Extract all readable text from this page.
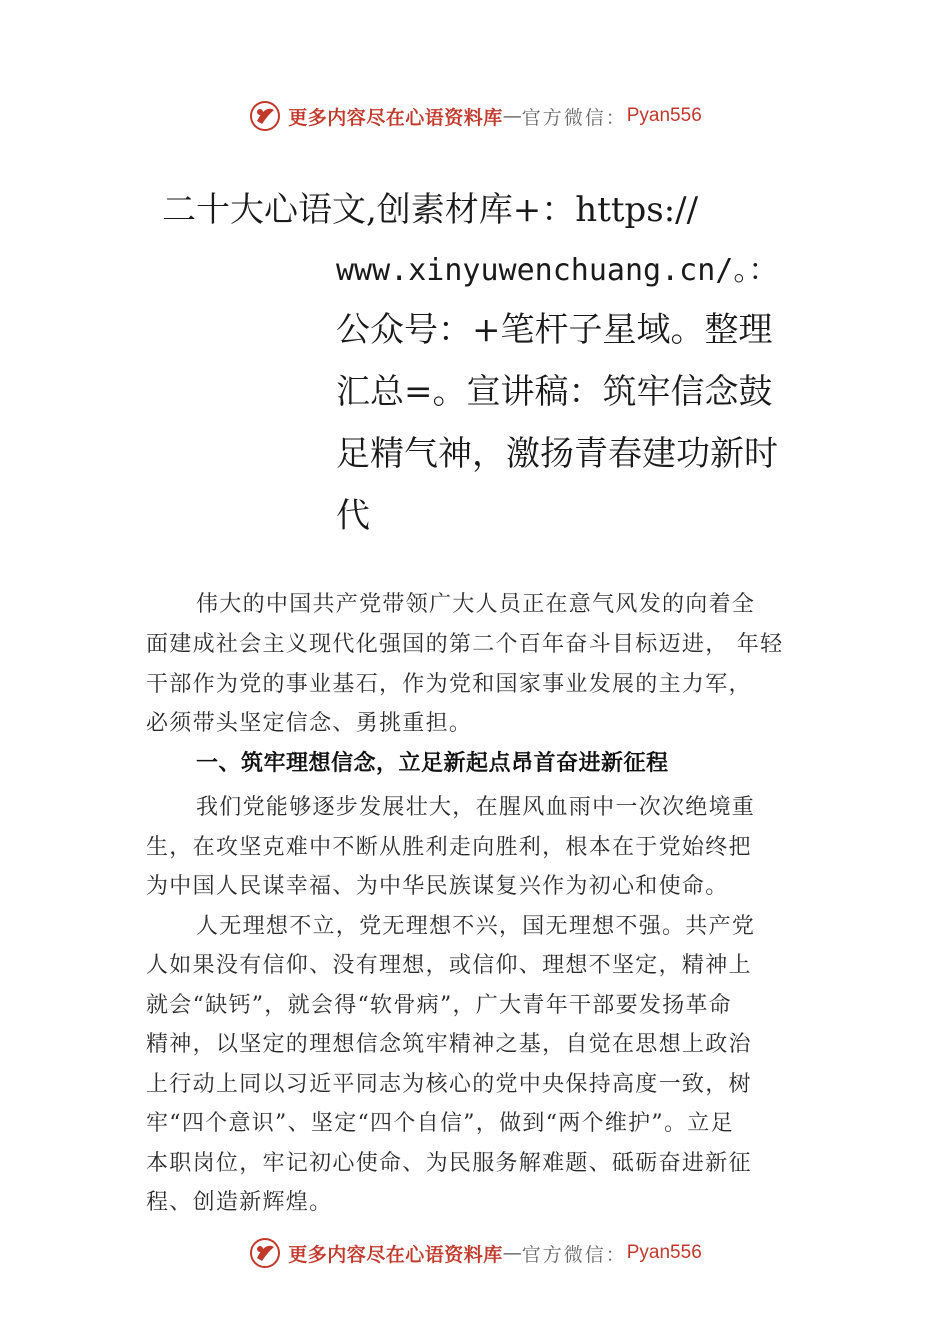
更多内容尽在心语资料库 — 官方微信： Pyan556
二十大心语文,创素材库+：https://
www.xinyuwenchuang.cn/。：
公众号：+笔杆子星域。整理
汇总=。宣讲稿：筑牢信念鼓
足精气神，激扬青春建功新时
代
伟大的中国共产党带领广大人员正在意气风发的向着全
面建成社会主义现代化强国的第二个百年奋斗目标迈进， 年轻
干部作为党的事业基石，作为党和国家事业发展的主力军，
必须带头坚定信念、勇挑重担。
一、筑牢理想信念，立足新起点昂首奋进新征程
我们党能够逐步发展壮大，在腥风血雨中一次次绝境重
生，在攻坚克难中不断从胜利走向胜利，根本在于党始终把
为中国人民谋幸福、为中华民族谋复兴作为初心和使命。
人无理想不立，党无理想不兴，国无理想不强。共产党
人如果没有信仰、没有理想，或信仰、理想不坚定，精神上
就会“缺钙”，就会得“软骨病”，广大青年干部要发扬革命
精神，以坚定的理想信念筑牢精神之基，自觉在思想上政治
上行动上同以习近平同志为核心的党中央保持高度一致，树
牢“四个意识”、坚定“四个自信”，做到“两个维护”。立足
本职岗位，牢记初心使命、为民服务解难题、砥砺奋进新征
程、创造新辉煌。
更多内容尽在心语资料库 — 官方微信： Pyan556
